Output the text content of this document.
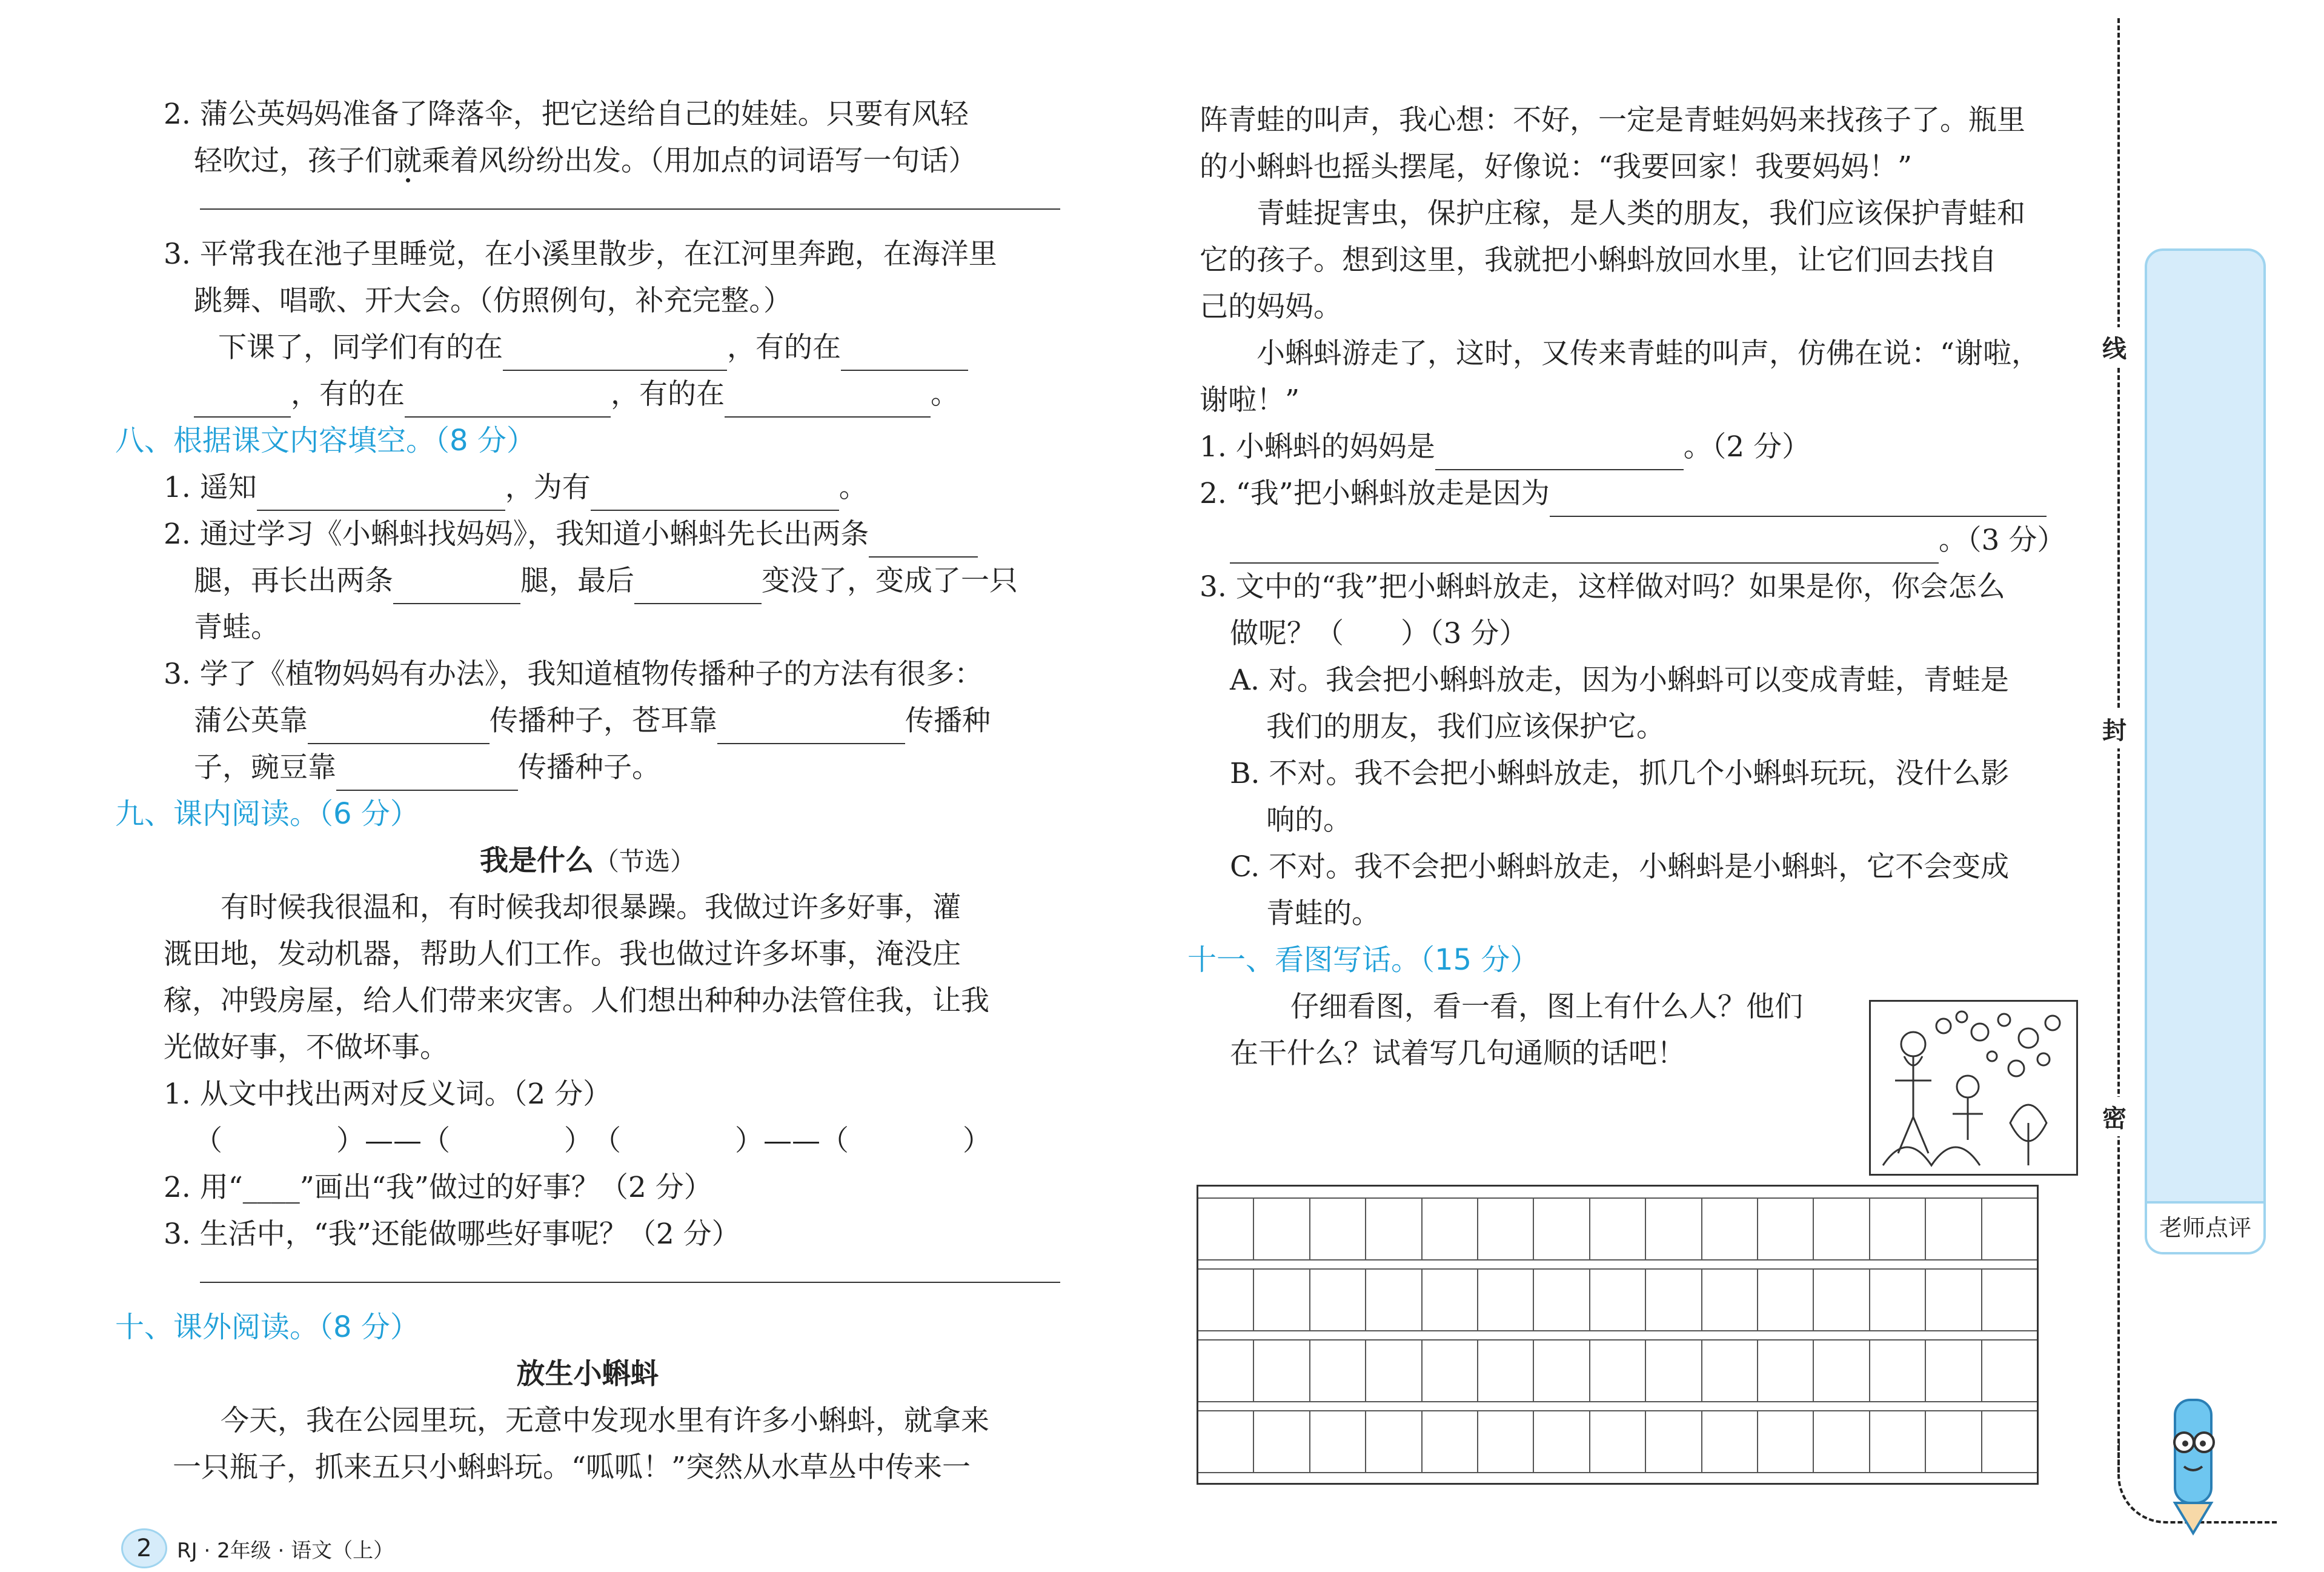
2. 蒲公英妈妈准备了降落伞，把它送给自己的娃娃。只要有风轻
轻吹过，孩子们就乘着风纷纷出发。（用加点的词语写一句话）
3. 平常我在池子里睡觉，在小溪里散步，在江河里奔跑，在海洋里
跳舞、唱歌、开大会。（仿照例句，补充完整。）
下课了，同学们有的在	，有的在
，有的在	，有的在	。
八、根据课文内容填空。（8 分）
1. 遥知	，为有	。
2. 通过学习《小蝌蚪找妈妈》，我知道小蝌蚪先长出两条
腿，再长出两条	腿，最后	变没了，变成了一只
青蛙。
3. 学了《植物妈妈有办法》，我知道植物传播种子的方法有很多：
蒲公英靠	传播种子，苍耳靠	传播种
子，豌豆靠	传播种子。
九、课内阅读。（6 分）
我是什么（节选）
有时候我很温和，有时候我却很暴躁。我做过许多好事，灌
溉田地，发动机器，帮助人们工作。我也做过许多坏事，淹没庄
稼，冲毁房屋，给人们带来灾害。人们想出种种办法管住我，让我
光做好事，不做坏事。
1. 从文中找出两对反义词。（2 分）
（　　　　）——（　　　　）　（　　　　）——（　　　　）
2. 用“____”画出“我”做过的好事？（2 分）
3. 生活中，“我”还能做哪些好事呢？（2 分）
十、课外阅读。（8 分）
放生小蝌蚪
今天，我在公园里玩，无意中发现水里有许多小蝌蚪，就拿来
一只瓶子，抓来五只小蝌蚪玩。“呱呱！”突然从水草丛中传来一
阵青蛙的叫声，我心想：不好，一定是青蛙妈妈来找孩子了。瓶里
的小蝌蚪也摇头摆尾，好像说：“我要回家！我要妈妈！”
青蛙捉害虫，保护庄稼，是人类的朋友，我们应该保护青蛙和
它的孩子。想到这里，我就把小蝌蚪放回水里，让它们回去找自
己的妈妈。
小蝌蚪游走了，这时，又传来青蛙的叫声，仿佛在说：“谢啦，
谢啦！”
1. 小蝌蚪的妈妈是	。（2 分）
2. “我”把小蝌蚪放走是因为
。（3 分）
3. 文中的“我”把小蝌蚪放走，这样做对吗？如果是你，你会怎么
做呢？（　　）（3 分）
A. 对。我会把小蝌蚪放走，因为小蝌蚪可以变成青蛙，青蛙是
我们的朋友，我们应该保护它。
B. 不对。我不会把小蝌蚪放走，抓几个小蝌蚪玩玩，没什么影
响的。
C. 不对。我不会把小蝌蚪放走，小蝌蚪是小蝌蚪，它不会变成
青蛙的。
十一、看图写话。（15 分）
仔细看图，看一看，图上有什么人？他们
在干什么？试着写几句通顺的话吧！
线
封
密
老师点评
2	RJ · 2年级 · 语文（上）
